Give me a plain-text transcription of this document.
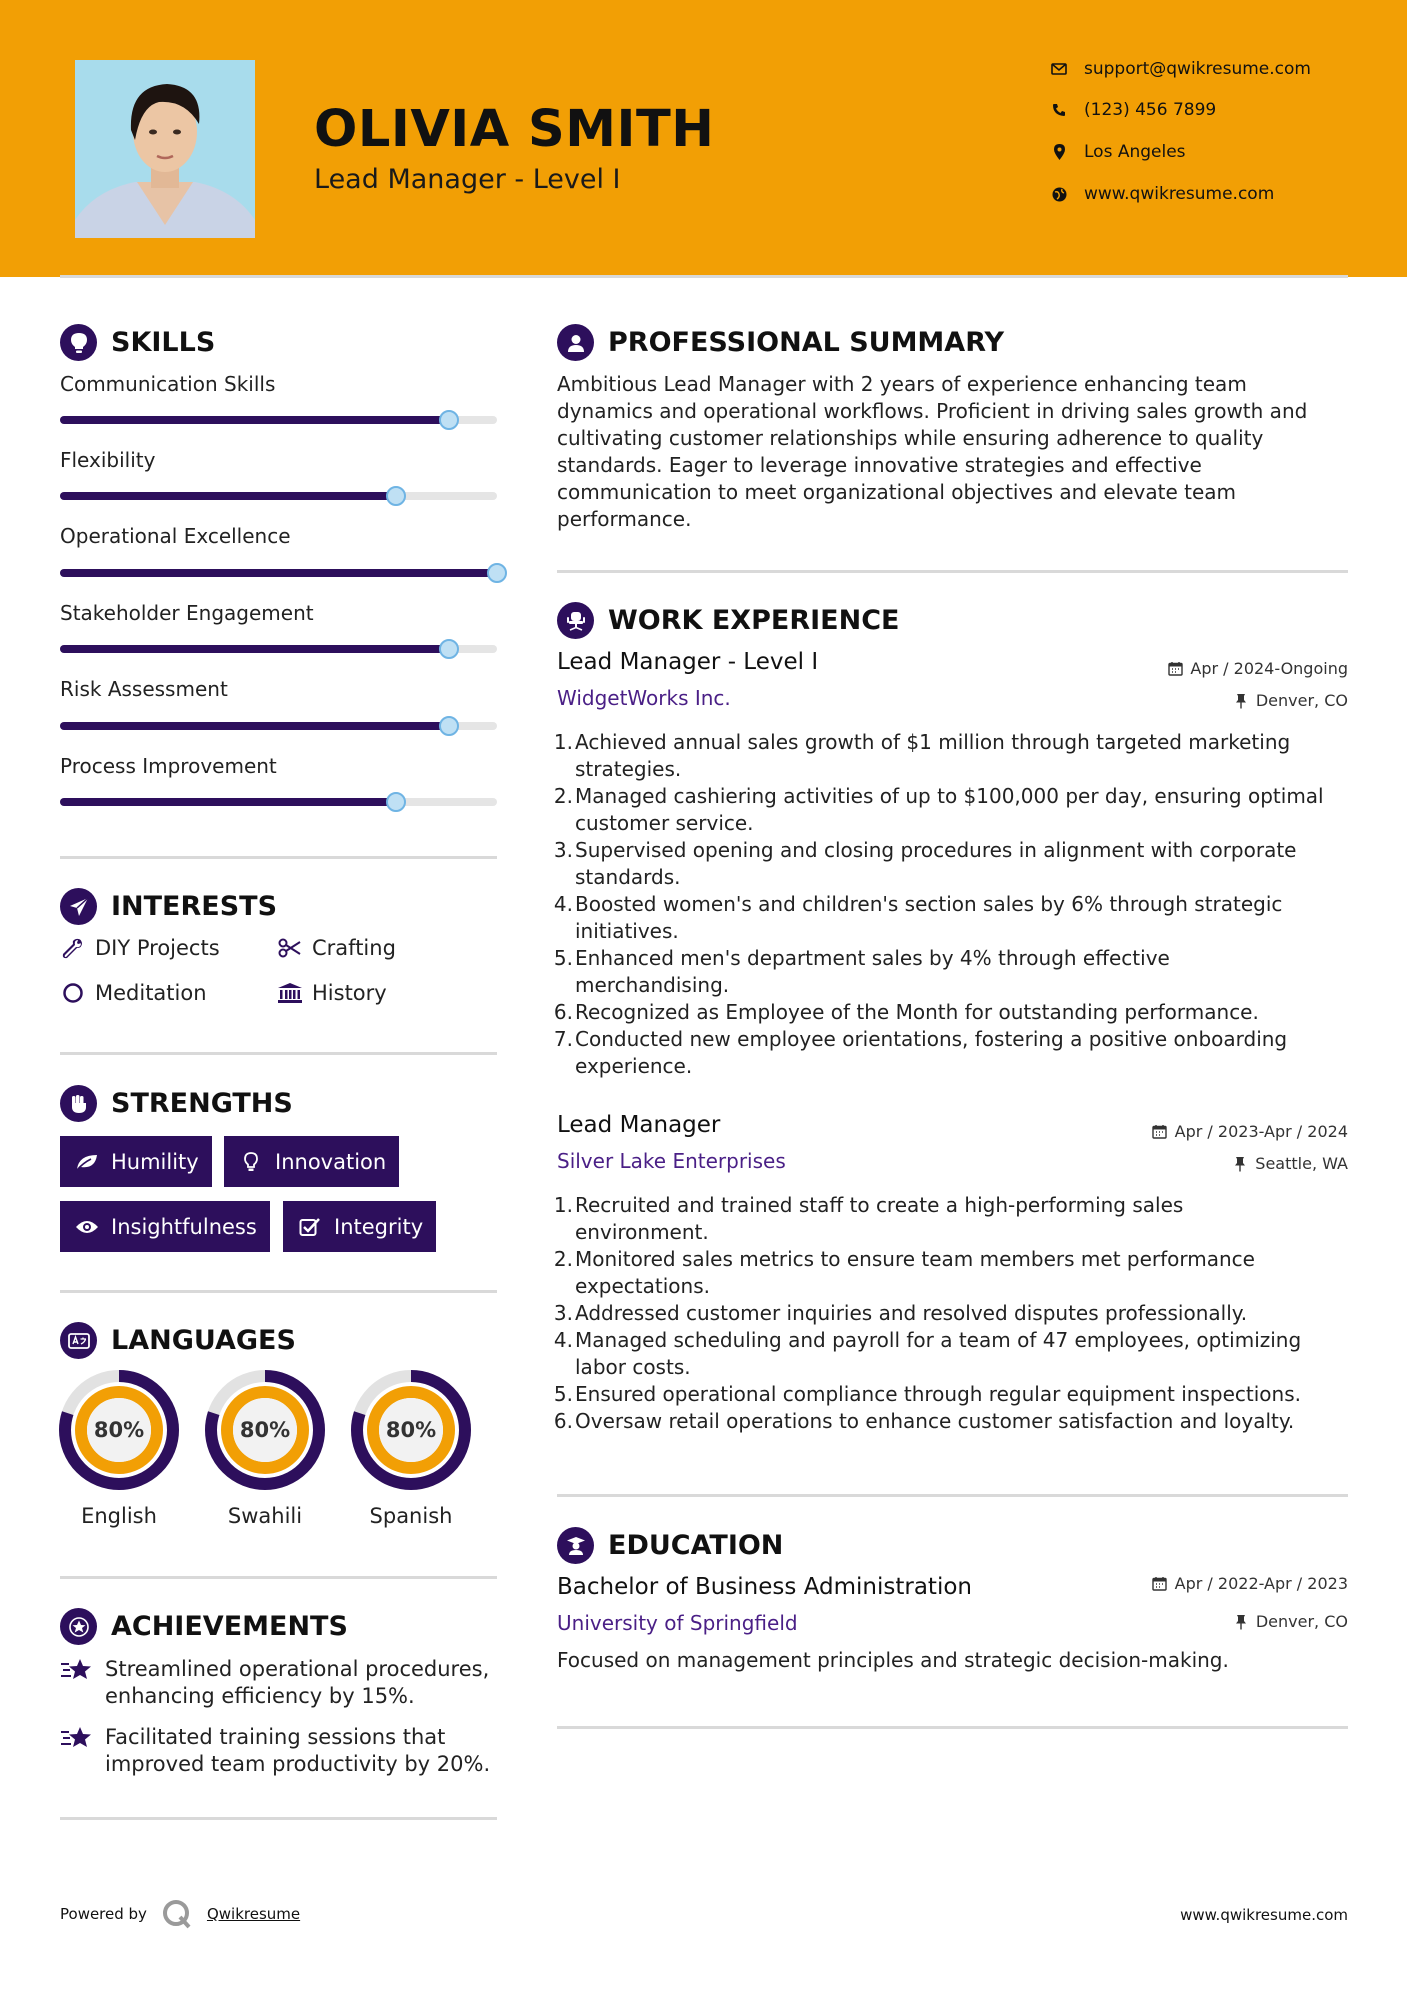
OLIVIA SMITH
Lead Manager - Level I
support@qwikresume.com
(123) 456 7899
Los Angeles
www.qwikresume.com
SKILLS
Communication Skills
Flexibility
Operational Excellence
Stakeholder Engagement
Risk Assessment
Process Improvement
INTERESTS
DIY Projects	Crafting
Meditation	History
STRENGTHS
Humility	Innovation
Insightfulness	Integrity
LANGUAGES
80%
English
80%
Swahili
80%
Spanish
ACHIEVEMENTS
Streamlined operational procedures,
enhancing efficiency by 15%.
Facilitated training sessions that
improved team productivity by 20%.
PROFESSIONAL SUMMARY
Ambitious Lead Manager with 2 years of experience enhancing team
dynamics and operational workflows. Proficient in driving sales growth and
cultivating customer relationships while ensuring adherence to quality
standards. Eager to leverage innovative strategies and effective
communication to meet organizational objectives and elevate team
performance.
WORK EXPERIENCE
Lead Manager - Level I	Apr / 2024-Ongoing
WidgetWorks Inc.	Denver, CO
1. Achieved annual sales growth of $1 million through targeted marketing
strategies.
2. Managed cashiering activities of up to $100,000 per day, ensuring optimal
customer service.
3. Supervised opening and closing procedures in alignment with corporate
standards.
4. Boosted women's and children's section sales by 6% through strategic
initiatives.
5. Enhanced men's department sales by 4% through effective
merchandising.
6. Recognized as Employee of the Month for outstanding performance.
7. Conducted new employee orientations, fostering a positive onboarding
experience.
Lead Manager	Apr / 2023-Apr / 2024
Silver Lake Enterprises	Seattle, WA
1. Recruited and trained staff to create a high-performing sales
environment.
2. Monitored sales metrics to ensure team members met performance
expectations.
3. Addressed customer inquiries and resolved disputes professionally.
4. Managed scheduling and payroll for a team of 47 employees, optimizing
labor costs.
5. Ensured operational compliance through regular equipment inspections.
6. Oversaw retail operations to enhance customer satisfaction and loyalty.
EDUCATION
Bachelor of Business Administration	Apr / 2022-Apr / 2023
University of Springfield	Denver, CO
Focused on management principles and strategic decision-making.
Powered by	Qwikresume	www.qwikresume.com
